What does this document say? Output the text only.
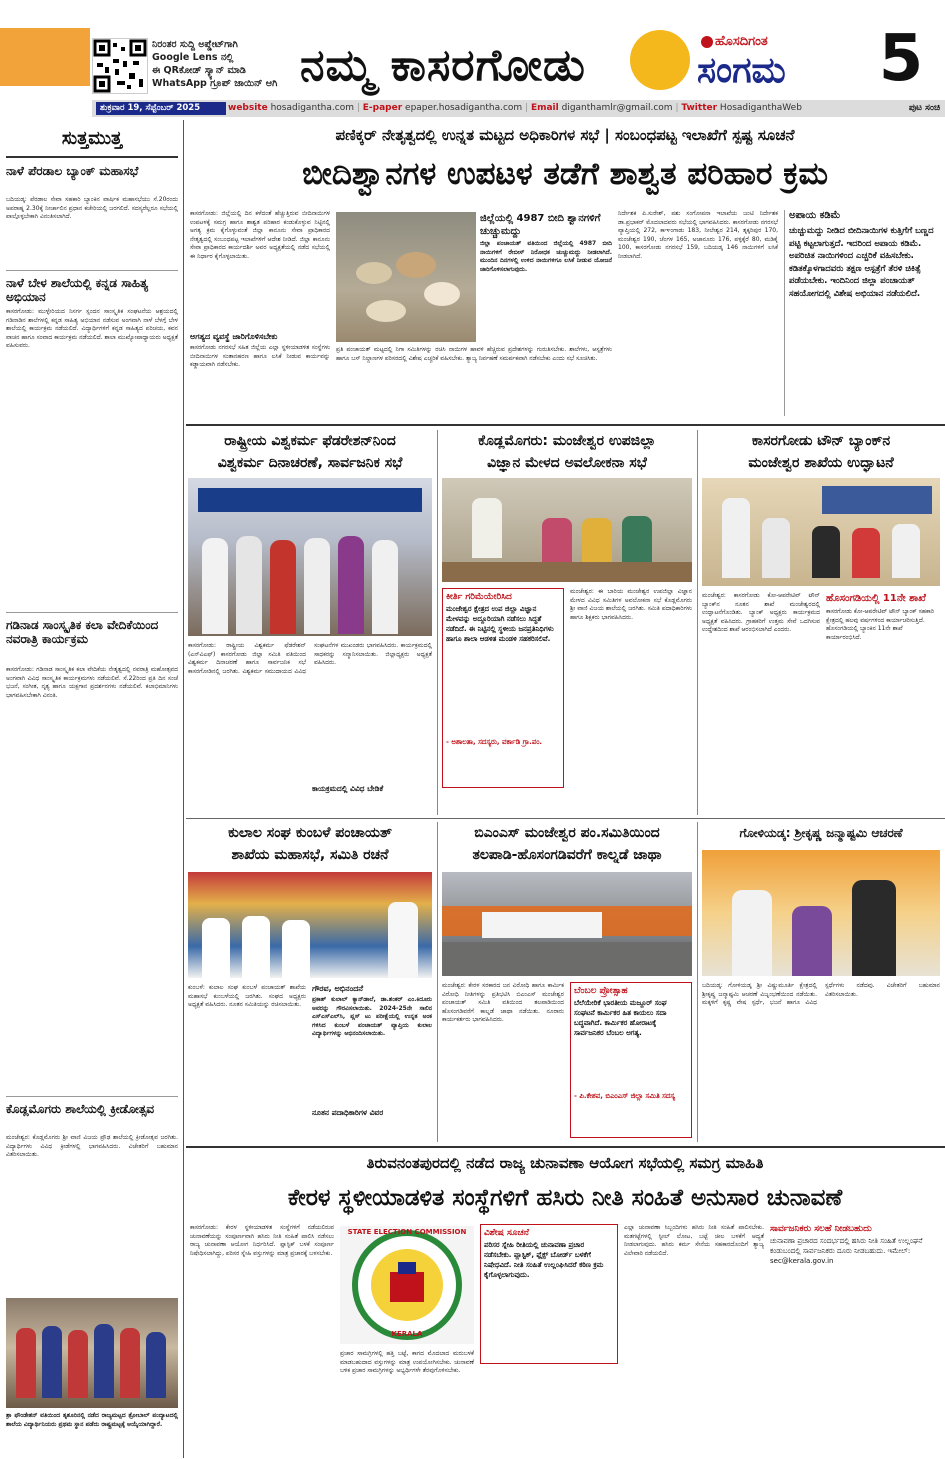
ನಿರಂತರ ಸುದ್ದಿ ಅಪ್ಡೇಟ್‌ಗಾಗಿ
Google Lens ನಲ್ಲಿ
ಈ QRಕೋಡ್ ಸ್ಕ್ಯಾನ್ ಮಾಡಿ
WhatsApp ಗ್ರೂಪ್ ಜಾಯಿನ್ ಆಗಿ ನಮ್ಮ ಕಾಸರಗೋಡು	ಹೊಸದಿಗಂತ
ಸಂಗಮ 5
ಶುಕ್ರವಾರ 19, ಸೆಪ್ಟೆಂಬರ್ 2025	website hosadigantha.com | E-paper epaper.hosadigantha.com | Email diganthamlr@gmail.com | Twitter HosadiganthaWeb	ಪುಟ ಸಂಚಿ
ಸುತ್ತಮುತ್ತ
ನಾಳೆ ಪೆರಡಾಲ ಬ್ಯಾಂಕ್ ಮಹಾಸಭೆ
ಬದಿಯಡ್ಕ: ಪೆರಡಾಲ ಸೇವಾ ಸಹಕಾರಿ ಬ್ಯಾಂಕಿನ ವಾರ್ಷಿಕ ಮಹಾಸಭೆಯು ಸೆ.20ರಂದು ಅಪರಾಹ್ನ 2.30ಕ್ಕೆ ನೀರ್ಚಾಲಿನ ಪ್ರಧಾನ ಕಚೇರಿಯಲ್ಲಿ ಜರಗಲಿದೆ. ಸದಸ್ಯರೆಲ್ಲರೂ ಸಭೆಯಲ್ಲಿ ಪಾಲ್ಗೊಳ್ಳಬೇಕಾಗಿ ವಿನಂತಿಸಲಾಗಿದೆ.
ನಾಳೆ ಬೇಳ ಶಾಲೆಯಲ್ಲಿ ಕನ್ನಡ ಸಾಹಿತ್ಯ ಅಭಿಯಾನ
ಕಾಸರಗೋಡು: ಮುಳ್ಳೇರಿಯದ ನಿಸರ್ಗ ಸ್ಪಂದನ ಸಾಂಸ್ಕೃತಿಕ ಸಂಘಟನೆಯ ಆಶ್ರಯದಲ್ಲಿ ಗಡಿನಾಡಿನ ಶಾಲೆಗಳಲ್ಲಿ ಕನ್ನಡ ಸಾಹಿತ್ಯ ಅಭಿಯಾನ ನಡೆಸುವ ಅಂಗವಾಗಿ ನಾಳೆ ಬೆಳಗ್ಗೆ ಬೇಳ ಶಾಲೆಯಲ್ಲಿ ಕಾರ್ಯಕ್ರಮ ನಡೆಯಲಿದೆ. ವಿದ್ಯಾರ್ಥಿಗಳಿಗೆ ಕನ್ನಡ ಸಾಹಿತ್ಯದ ಪರಿಚಯ, ಕವನ ವಾಚನ ಹಾಗೂ ಸಂವಾದ ಕಾರ್ಯಕ್ರಮ ನಡೆಯಲಿದೆ. ಶಾಲಾ ಮುಖ್ಯೋಪಾಧ್ಯಾಯರು ಅಧ್ಯಕ್ಷತೆ ವಹಿಸುವರು.
ಗಡಿನಾಡ ಸಾಂಸ್ಕೃತಿಕ ಕಲಾ ವೇದಿಕೆಯಿಂದ ನವರಾತ್ರಿ ಕಾರ್ಯಕ್ರಮ
ಕಾಸರಗೋಡು: ಗಡಿನಾಡ ಸಾಂಸ್ಕೃತಿಕ ಕಲಾ ವೇದಿಕೆಯ ನೇತೃತ್ವದಲ್ಲಿ ನವರಾತ್ರಿ ಮಹೋತ್ಸವದ ಅಂಗವಾಗಿ ವಿವಿಧ ಸಾಂಸ್ಕೃತಿಕ ಕಾರ್ಯಕ್ರಮಗಳು ನಡೆಯಲಿವೆ. ಸೆ.22ರಿಂದ ಪ್ರತಿ ದಿನ ಸಂಜೆ ಭಜನೆ, ಸಂಗೀತ, ನೃತ್ಯ ಹಾಗೂ ಯಕ್ಷಗಾನ ಪ್ರದರ್ಶನಗಳು ನಡೆಯಲಿವೆ. ಕಲಾಭಿಮಾನಿಗಳು ಭಾಗವಹಿಸಬೇಕಾಗಿ ವಿನಂತಿ.
ಕೊಡ್ಲಮೊಗರು ಶಾಲೆಯಲ್ಲಿ ಕ್ರೀಡೋತ್ಸವ
ಮಂಜೇಶ್ವರ: ಕೊಡ್ಲಮೊಗರು ಶ್ರೀ ವಾಣಿ ವಿಜಯ ಪ್ರೌಢ ಶಾಲೆಯಲ್ಲಿ ಕ್ರೀಡೋತ್ಸವ ಜರಗಿತು. ವಿದ್ಯಾರ್ಥಿಗಳು ವಿವಿಧ ಕ್ರೀಡೆಗಳಲ್ಲಿ ಭಾಗವಹಿಸಿದರು. ವಿಜೇತರಿಗೆ ಬಹುಮಾನ ವಿತರಿಸಲಾಯಿತು.
ಶ್ರಾ ಫೌಂಡೇಶನ್ ವತಿಯಿಂದ ತೃಶೂರಿನಲ್ಲಿ ನಡೆದ ರಾಜ್ಯಮಟ್ಟದ ತ್ರೋಬಾಲ್ ಪಂದ್ಯಾಟದಲ್ಲಿ ಶಾಲೆಯ ವಿದ್ಯಾರ್ಥಿನಿಯರು ಪ್ರಥಮ ಸ್ಥಾನ ಪಡೆದು ರಾಷ್ಟ್ರಮಟ್ಟಕ್ಕೆ ಆಯ್ಕೆಯಾಗಿದ್ದಾರೆ.
ಪಣಿಕ್ಕರ್ ನೇತೃತ್ವದಲ್ಲಿ ಉನ್ನತ ಮಟ್ಟದ ಅಧಿಕಾರಿಗಳ ಸಭೆ | ಸಂಬಂಧಪಟ್ಟ ಇಲಾಖೆಗೆ ಸ್ಪಷ್ಟ ಸೂಚನೆ
ಬೀದಿಶ್ವಾನಗಳ ಉಪಟಳ ತಡೆಗೆ ಶಾಶ್ವತ ಪರಿಹಾರ ಕ್ರಮ
ಕಾಸರಗೋಡು: ಜಿಲ್ಲೆಯಲ್ಲಿ ದಿನ ಕಳೆದಂತೆ ಹೆಚ್ಚುತ್ತಿರುವ ಬೀದಿನಾಯಿಗಳ ಉಪಟಳಕ್ಕೆ ಸಮಗ್ರ ಹಾಗೂ ಶಾಶ್ವತ ಪರಿಹಾರ ಕಂಡುಕೊಳ್ಳುವ ನಿಟ್ಟಿನಲ್ಲಿ ಅಗತ್ಯ ಕ್ರಮ ಕೈಗೊಳ್ಳುವಂತೆ ಜಿಲ್ಲಾ ಕಾನೂನು ಸೇವಾ ಪ್ರಾಧಿಕಾರದ ನೇತೃತ್ವದಲ್ಲಿ ಸಂಬಂಧಪಟ್ಟ ಇಲಾಖೆಗಳಿಗೆ ಆದೇಶ ನೀಡಿದೆ. ಜಿಲ್ಲಾ ಕಾನೂನು ಸೇವಾ ಪ್ರಾಧಿಕಾರದ ಕಾರ್ಯದರ್ಶಿ ಅವರ ಅಧ್ಯಕ್ಷತೆಯಲ್ಲಿ ನಡೆದ ಸಭೆಯಲ್ಲಿ ಈ ನಿರ್ಧಾರ ಕೈಗೊಳ್ಳಲಾಯಿತು.
ಅಗತ್ಯದ ವ್ಯವಸ್ಥೆ ಜಾರಿಗೊಳಿಸಬೇಕು
ಕಾಸರಗೋಡು ನಗರಸಭೆ ಸಹಿತ ಜಿಲ್ಲೆಯ ಎಲ್ಲಾ ಸ್ಥಳೀಯಾಡಳಿತ ಸಂಸ್ಥೆಗಳು ಬೀದಿನಾಯಿಗಳ ಸಂತಾನಹರಣ ಹಾಗೂ ಲಸಿಕೆ ನೀಡುವ ಕಾರ್ಯವನ್ನು ಕಡ್ಡಾಯವಾಗಿ ನಡೆಸಬೇಕು.
ಜಿಲ್ಲೆಯಲ್ಲಿ 4987 ಬೀದಿ ಶ್ವಾನಗಳಿಗೆ ಚುಚ್ಚುಮದ್ದು
ಜಿಲ್ಲಾ ಪಂಚಾಯತ್ ವತಿಯಿಂದ ಜಿಲ್ಲೆಯಲ್ಲಿ 4987 ಬೀದಿ ನಾಯಿಗಳಿಗೆ ರೇಬೀಸ್ ನಿರೋಧಕ ಚುಚ್ಚುಮದ್ದು ನೀಡಲಾಗಿದೆ. ಮುಂದಿನ ದಿನಗಳಲ್ಲಿ ಉಳಿದ ನಾಯಿಗಳಿಗೂ ಲಸಿಕೆ ನೀಡುವ ಯೋಜನೆ ಜಾರಿಗೊಳಿಸಲಾಗುವುದು.
ಪ್ರತಿ ಪಂಚಾಯತ್ ಮಟ್ಟದಲ್ಲಿ ನಿಗಾ ಸಮಿತಿಗಳನ್ನು ರಚಿಸಿ ನಾಯಿಗಳ ಹಾವಳಿ ಹೆಚ್ಚಿರುವ ಪ್ರದೇಶಗಳನ್ನು ಗುರುತಿಸಬೇಕು. ಶಾಲೆಗಳು, ಆಸ್ಪತ್ರೆಗಳು ಹಾಗೂ ಬಸ್ ನಿಲ್ದಾಣಗಳ ಪರಿಸರದಲ್ಲಿ ವಿಶೇಷ ಎಚ್ಚರಿಕೆ ವಹಿಸಬೇಕು. ತ್ಯಾಜ್ಯ ನಿರ್ವಹಣೆ ಸಮರ್ಪಕವಾಗಿ ನಡೆಸಬೇಕು ಎಂದು ಸಭೆ ಸೂಚಿಸಿತು.
ನಿರ್ದೇಶಕ ಪಿ.ಸುರೇಶ್, ಪಶು ಸಂಗೋಪನಾ ಇಲಾಖೆಯ ಜಂಟಿ ನಿರ್ದೇಶಕ ಡಾ.ಪ್ರಭಾಕರ್ ಮೊದಲಾದವರು ಸಭೆಯಲ್ಲಿ ಭಾಗವಹಿಸಿದರು. ಕಾಸರಗೋಡು ನಗರಸಭೆ ವ್ಯಾಪ್ತಿಯಲ್ಲಿ 272, ಕಾಞಂಗಾಡು 183, ನೀಲೇಶ್ವರ 214, ತೃಕ್ಕರಿಪುರ 170, ಮಂಜೇಶ್ವರ 190, ಚೆಂಗಳ 165, ಅಜಾನೂರು 176, ಪಳ್ಳಿಕ್ಕೆರೆ 80, ಮಡಿಕೈ 100, ಕಾಸರಗೋಡು ನಗರಸಭೆ 159, ಬದಿಯಡ್ಕ 146 ನಾಯಿಗಳಿಗೆ ಲಸಿಕೆ ನೀಡಲಾಗಿದೆ.
ಅಪಾಯ ಕಡಿಮೆ
ಚುಚ್ಚುಮದ್ದು ನೀಡಿದ ಬೀದಿನಾಯಿಗಳ ಕುತ್ತಿಗೆಗೆ ಬಣ್ಣದ ಪಟ್ಟಿ ಕಟ್ಟಲಾಗುತ್ತದೆ. ಇದರಿಂದ ಅಪಾಯ ಕಡಿಮೆ. ಅಪರಿಚಿತ ನಾಯಿಗಳಿಂದ ಎಚ್ಚರಿಕೆ ವಹಿಸಬೇಕು. ಕಡಿತಕ್ಕೊಳಗಾದವರು ತಕ್ಷಣ ಆಸ್ಪತ್ರೆಗೆ ತೆರಳಿ ಚಿಕಿತ್ಸೆ ಪಡೆಯಬೇಕು. ಇಂದಿನಿಂದ ಜಿಲ್ಲಾ ಪಂಚಾಯತ್ ಸಹಯೋಗದಲ್ಲಿ ವಿಶೇಷ ಅಭಿಯಾನ ನಡೆಯಲಿದೆ.
ರಾಷ್ಟ್ರೀಯ ವಿಶ್ವಕರ್ಮ ಫೆಡರೇಶನ್‌ನಿಂದ
ವಿಶ್ವಕರ್ಮ ದಿನಾಚರಣೆ, ಸಾರ್ವಜನಿಕ ಸಭೆ
ಕಾಸರಗೋಡು: ರಾಷ್ಟ್ರೀಯ ವಿಶ್ವಕರ್ಮ ಫೆಡರೇಶನ್ (ಎನ್‌ವಿಎಫ್) ಕಾಸರಗೋಡು ಜಿಲ್ಲಾ ಸಮಿತಿ ವತಿಯಿಂದ ವಿಶ್ವಕರ್ಮ ದಿನಾಚರಣೆ ಹಾಗೂ ಸಾರ್ವಜನಿಕ ಸಭೆ ಕಾಸರಗೋಡಿನಲ್ಲಿ ಜರಗಿತು. ವಿಶ್ವಕರ್ಮ ಸಮುದಾಯದ ವಿವಿಧ ಸಂಘಟನೆಗಳ ಮುಖಂಡರು ಭಾಗವಹಿಸಿದರು. ಕಾರ್ಯಕ್ರಮದಲ್ಲಿ ಸಾಧಕರನ್ನು ಸನ್ಮಾನಿಸಲಾಯಿತು. ಜಿಲ್ಲಾಧ್ಯಕ್ಷರು ಅಧ್ಯಕ್ಷತೆ ವಹಿಸಿದರು.
ಕಾಯಕ್ರಮದಲ್ಲಿ ವಿವಿಧ ಬೇಡಿಕೆ
ಕೊಡ್ಲಮೊಗರು: ಮಂಜೇಶ್ವರ ಉಪಜಿಲ್ಲಾ
ವಿಜ್ಞಾನ ಮೇಳದ ಅವಲೋಕನಾ ಸಭೆ
ಮಂಜೇಶ್ವರ: ಈ ಬಾರಿಯ ಮಂಜೇಶ್ವರ ಉಪಜಿಲ್ಲಾ ವಿಜ್ಞಾನ ಮೇಳದ ವಿವಿಧ ಸಮಿತಿಗಳ ಅವಲೋಕನಾ ಸಭೆ ಕೊಡ್ಲಮೊಗರು ಶ್ರೀ ವಾಣಿ ವಿಜಯ ಶಾಲೆಯಲ್ಲಿ ಜರಗಿತು. ಸಮಿತಿ ಪದಾಧಿಕಾರಿಗಳು ಹಾಗೂ ಶಿಕ್ಷಕರು ಭಾಗವಹಿಸಿದರು.
ಕೀರ್ತಿ ಗರಿಮೆಯೇರಿಸಿದ
ಮಂಜೇಶ್ವರ ಕ್ಷೇತ್ರದ ಉಪ ಜಿಲ್ಲಾ ವಿಜ್ಞಾನ ಮೇಳವನ್ನು ಅದ್ದೂರಿಯಾಗಿ ನಡೆಸಲು ಸಿದ್ಧತೆ ನಡೆದಿದೆ. ಈ ನಿಟ್ಟಿನಲ್ಲಿ ಸ್ಥಳೀಯ ಜನಪ್ರತಿನಿಧಿಗಳು ಹಾಗೂ ಶಾಲಾ ಆಡಳಿತ ಮಂಡಳಿ ಸಹಕರಿಸಲಿವೆ.
- ಅಶಾಲತಾ, ಸದಸ್ಯರು, ವರ್ಕಾಡಿ ಗ್ರಾ.ಪಂ.
ಕಾಸರಗೋಡು ಟೌನ್ ಬ್ಯಾಂಕ್‌ನ
ಮಂಜೇಶ್ವರ ಶಾಖೆಯ ಉದ್ಘಾಟನೆ
ಮಂಜೇಶ್ವರ: ಕಾಸರಗೋಡು ಕೋ-ಆಪರೇಟಿವ್ ಟೌನ್ ಬ್ಯಾಂಕ್‌ನ ನೂತನ ಶಾಖೆ ಮಂಜೇಶ್ವರದಲ್ಲಿ ಉದ್ಘಾಟನೆಗೊಂಡಿತು. ಬ್ಯಾಂಕ್ ಅಧ್ಯಕ್ಷರು ಕಾರ್ಯಕ್ರಮದ ಅಧ್ಯಕ್ಷತೆ ವಹಿಸಿದರು. ಗ್ರಾಹಕರಿಗೆ ಉತ್ತಮ ಸೇವೆ ಒದಗಿಸುವ ಉದ್ದೇಶದಿಂದ ಶಾಖೆ ಆರಂಭಿಸಲಾಗಿದೆ ಎಂದರು.
ಹೊಸಂಗಡಿಯಲ್ಲಿ 11ನೇ ಶಾಖೆ
ಕಾಸರಗೋಡು ಕೋ-ಆಪರೇಟಿವ್ ಟೌನ್ ಬ್ಯಾಂಕ್ ಸಹಕಾರಿ ಕ್ಷೇತ್ರದಲ್ಲಿ ಹಲವು ವರ್ಷಗಳಿಂದ ಕಾರ್ಯಾಚರಿಸುತ್ತಿದೆ. ಹೊಸಂಗಡಿಯಲ್ಲಿ ಬ್ಯಾಂಕಿನ 11ನೇ ಶಾಖೆ ಕಾರ್ಯಾರಂಭಿಸಿದೆ.
ಕುಲಾಲ ಸಂಘ ಕುಂಬಳೆ ಪಂಚಾಯತ್
ಶಾಖೆಯ ಮಹಾಸಭೆ, ಸಮಿತಿ ರಚನೆ
ಕುಂಬಳೆ: ಕುಲಾಲ ಸಂಘ ಕುಂಬಳೆ ಪಂಚಾಯತ್ ಶಾಖೆಯ ಮಹಾಸಭೆ ಕುಂಬಳೆಯಲ್ಲಿ ಜರಗಿತು. ಸಂಘದ ಅಧ್ಯಕ್ಷರು ಅಧ್ಯಕ್ಷತೆ ವಹಿಸಿದರು. ನೂತನ ಸಮಿತಿಯನ್ನು ರಚಿಸಲಾಯಿತು.
ಗೌರವ, ಅಭಿನಂದನೆ
ಪ್ರಕಾಶ್ ಕುಲಾಲ್ ಕ್ಯಾನ್‌ಡಾಲೆ, ಡಾ.ಶಂಕರ್ ಎಂ.ಕಿದೂರು ಅವರನ್ನು ಗೌರವಿಸಲಾಯಿತು. 2024-25ನೇ ಸಾಲಿನ ಎಸ್‌ಎಸ್‌ಎಲ್‌ಸಿ, ಪ್ಲಸ್ ಟು ಪರೀಕ್ಷೆಯಲ್ಲಿ ಉನ್ನತ ಅಂಕ ಗಳಿಸಿದ ಕುಂಬಳೆ ಪಂಚಾಯತ್ ವ್ಯಾಪ್ತಿಯ ಕುಲಾಲ ವಿದ್ಯಾರ್ಥಿಗಳನ್ನು ಅಭಿನಂದಿಸಲಾಯಿತು.
ನೂತನ ಪದಾಧಿಕಾರಿಗಳ ವಿವರ
ಬಿಎಂಎಸ್ ಮಂಜೇಶ್ವರ ಪಂ.ಸಮಿತಿಯಿಂದ
ತಲಪಾಡಿ-ಹೊಸಂಗಡಿವರೆಗೆ ಕಾಲ್ನಡೆ ಜಾಥಾ
ಮಂಜೇಶ್ವರ: ಕೇರಳ ಸರಕಾರದ ಜನ ವಿರೋಧಿ ಹಾಗೂ ಕಾರ್ಮಿಕ ವಿರೋಧಿ ನೀತಿಗಳನ್ನು ಪ್ರತಿಭಟಿಸಿ ಬಿಎಂಎಸ್ ಮಂಜೇಶ್ವರ ಪಂಚಾಯತ್ ಸಮಿತಿ ವತಿಯಿಂದ ತಲಪಾಡಿಯಿಂದ ಹೊಸಂಗಡಿವರೆಗೆ ಕಾಲ್ನಡೆ ಜಾಥಾ ನಡೆಯಿತು. ನೂರಾರು ಕಾರ್ಯಕರ್ತರು ಭಾಗವಹಿಸಿದರು.
ಬೆಂಬಲ ಪ್ರೋತ್ಸಾಹ
ಬೆಲೆಯೇರಿಕೆ ಭಾರತೀಯ ಮಜ್ದೂರ್ ಸಂಘ ಸಂಘಟನೆ ಕಾರ್ಮಿಕರ ಹಿತ ಕಾಯಲು ಸದಾ ಬದ್ಧವಾಗಿದೆ. ಕಾರ್ಮಿಕರ ಹೋರಾಟಕ್ಕೆ ಸಾರ್ವಜನಿಕರ ಬೆಂಬಲ ಅಗತ್ಯ.
- ಪಿ.ಕೇಶವ, ಬಿಎಂಎಸ್ ಜಿಲ್ಲಾ ಸಮಿತಿ ಸದಸ್ಯ
ಗೋಳಿಯಡ್ಕ: ಶ್ರೀಕೃಷ್ಣ ಜನ್ಮಾಷ್ಟಮಿ ಆಚರಣೆ
ಬದಿಯಡ್ಕ: ಗೋಳಿಯಡ್ಕ ಶ್ರೀ ವಿಷ್ಣುಮೂರ್ತಿ ಕ್ಷೇತ್ರದಲ್ಲಿ ಶ್ರೀಕೃಷ್ಣ ಜನ್ಮಾಷ್ಟಮಿ ಆಚರಣೆ ವಿಜೃಂಭಣೆಯಿಂದ ನಡೆಯಿತು. ಮಕ್ಕಳಿಗೆ ಕೃಷ್ಣ ವೇಷ ಸ್ಪರ್ಧೆ, ಭಜನೆ ಹಾಗೂ ವಿವಿಧ ಸ್ಪರ್ಧೆಗಳು ನಡೆದವು. ವಿಜೇತರಿಗೆ ಬಹುಮಾನ ವಿತರಿಸಲಾಯಿತು.
ತಿರುವನಂತಪುರದಲ್ಲಿ ನಡೆದ ರಾಜ್ಯ ಚುನಾವಣಾ ಆಯೋಗ ಸಭೆಯಲ್ಲಿ ಸಮಗ್ರ ಮಾಹಿತಿ
ಕೇರಳ ಸ್ಥಳೀಯಾಡಳಿತ ಸಂಸ್ಥೆಗಳಿಗೆ ಹಸಿರು ನೀತಿ ಸಂಹಿತೆ ಅನುಸಾರ ಚುನಾವಣೆ
ಕಾಸರಗೋಡು: ಕೇರಳ ಸ್ಥಳೀಯಾಡಳಿತ ಸಂಸ್ಥೆಗಳಿಗೆ ನಡೆಯಲಿರುವ ಚುನಾವಣೆಯನ್ನು ಸಂಪೂರ್ಣವಾಗಿ ಹಸಿರು ನೀತಿ ಸಂಹಿತೆ ಪಾಲಿಸಿ ನಡೆಸಲು ರಾಜ್ಯ ಚುನಾವಣಾ ಆಯೋಗ ನಿರ್ಧರಿಸಿದೆ. ಪ್ಲಾಸ್ಟಿಕ್ ಬಳಕೆ ಸಂಪೂರ್ಣ ನಿಷೇಧಿಸಲಾಗಿದ್ದು, ಪರಿಸರ ಸ್ನೇಹಿ ವಸ್ತುಗಳನ್ನು ಮಾತ್ರ ಪ್ರಚಾರಕ್ಕೆ ಬಳಸಬೇಕು.
STATE ELECTION COMMISSION
KERALA
ಪ್ರಚಾರ ಸಾಮಗ್ರಿಗಳಲ್ಲಿ ಹತ್ತಿ ಬಟ್ಟೆ, ಕಾಗದ ಮೊದಲಾದ ಮರುಬಳಕೆ ಮಾಡಬಹುದಾದ ವಸ್ತುಗಳನ್ನು ಮಾತ್ರ ಉಪಯೋಗಿಸಬೇಕು. ಚುನಾವಣೆ ಬಳಿಕ ಪ್ರಚಾರ ಸಾಮಗ್ರಿಗಳನ್ನು ಅಭ್ಯರ್ಥಿಗಳೇ ತೆರವುಗೊಳಿಸಬೇಕು.
ವಿಶೇಷ ಸೂಚನೆ
ಪರಿಸರ ಸ್ನೇಹಿ ರೀತಿಯಲ್ಲಿ ಚುನಾವಣಾ ಪ್ರಚಾರ ನಡೆಸಬೇಕು. ಪ್ಲಾಸ್ಟಿಕ್, ಫ್ಲೆಕ್ಸ್ ಬೋರ್ಡ್ ಬಳಕೆಗೆ ನಿಷೇಧವಿದೆ. ನೀತಿ ಸಂಹಿತೆ ಉಲ್ಲಂಘಿಸಿದರೆ ಕಠಿಣ ಕ್ರಮ ಕೈಗೊಳ್ಳಲಾಗುವುದು.
ಎಲ್ಲಾ ಚುನಾವಣಾ ಸಿಬ್ಬಂದಿಗಳು ಹಸಿರು ನೀತಿ ಸಂಹಿತೆ ಪಾಲಿಸಬೇಕು. ಮತಗಟ್ಟೆಗಳಲ್ಲಿ ಸ್ಟೀಲ್ ಲೋಟ, ಬಟ್ಟೆ ಚೀಲ ಬಳಕೆಗೆ ಆದ್ಯತೆ ನೀಡಲಾಗುವುದು. ಹಸಿರು ಕರ್ಮ ಸೇನೆಯ ಸಹಕಾರದೊಂದಿಗೆ ತ್ಯಾಜ್ಯ ವಿಲೇವಾರಿ ನಡೆಯಲಿದೆ.
ಸಾರ್ವಜನಿಕರು ಸಲಹೆ ನೀಡಬಹುದು
ಚುನಾವಣಾ ಪ್ರಚಾರದ ಸಂದರ್ಭದಲ್ಲಿ ಹಸಿರು ನೀತಿ ಸಂಹಿತೆ ಉಲ್ಲಂಘನೆ ಕಂಡುಬಂದಲ್ಲಿ ಸಾರ್ವಜನಿಕರು ದೂರು ನೀಡಬಹುದು. ಇಮೇಲ್: sec@kerala.gov.in
